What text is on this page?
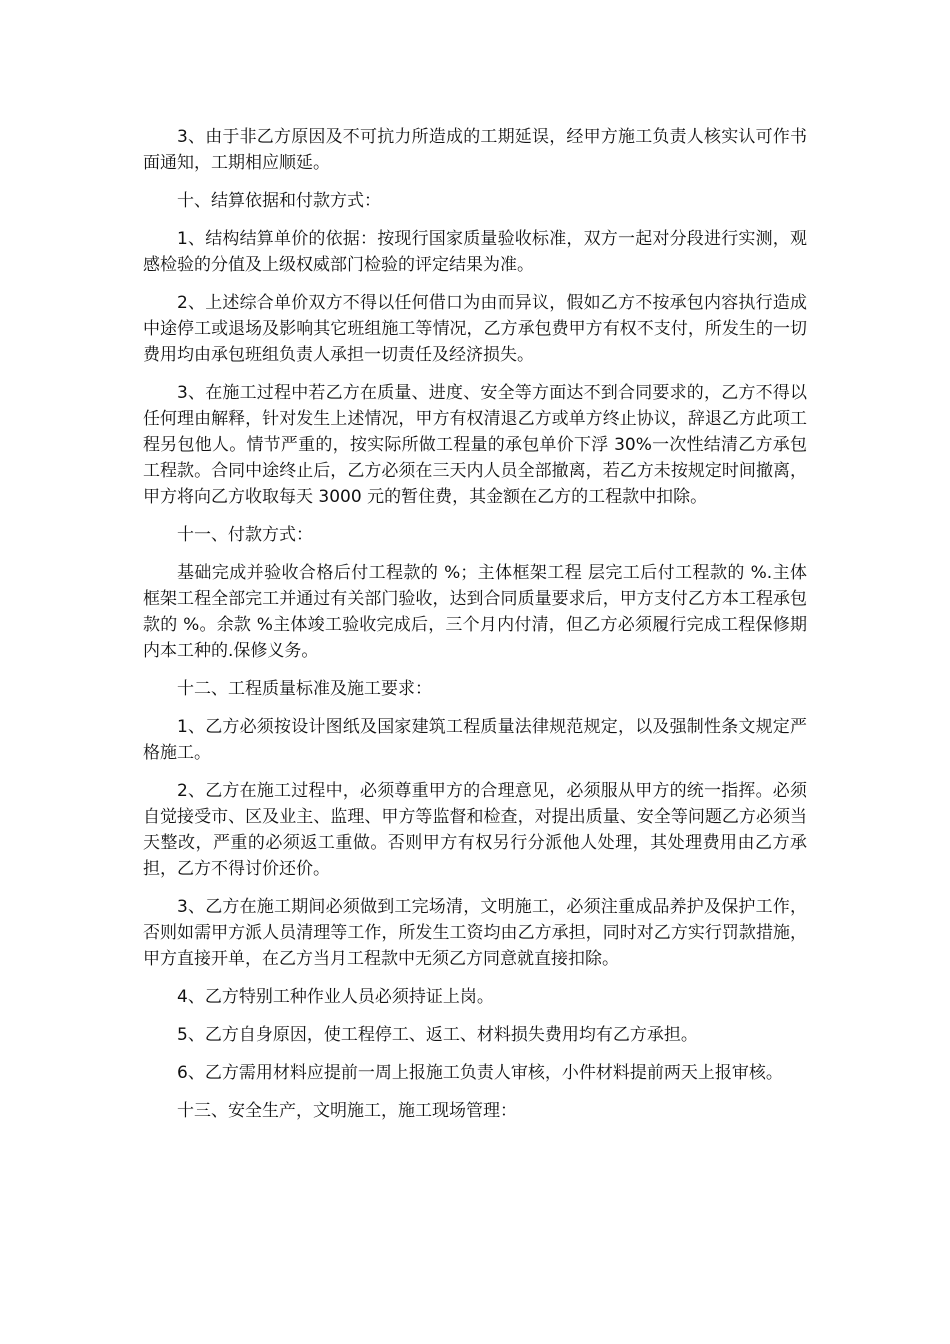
3、由于非乙方原因及不可抗力所造成的工期延误，经甲方施工负责人核实认可作书面通知，工期相应顺延。

十、结算依据和付款方式：

1、结构结算单价的依据：按现行国家质量验收标准，双方一起对分段进行实测，观感检验的分值及上级权威部门检验的评定结果为准。

2、上述综合单价双方不得以任何借口为由而异议，假如乙方不按承包内容执行造成中途停工或退场及影响其它班组施工等情况，乙方承包费甲方有权不支付，所发生的一切费用均由承包班组负责人承担一切责任及经济损失。

3、在施工过程中若乙方在质量、进度、安全等方面达不到合同要求的，乙方不得以任何理由解释，针对发生上述情况，甲方有权清退乙方或单方终止协议，辞退乙方此项工程另包他人。情节严重的，按实际所做工程量的承包单价下浮 30%一次性结清乙方承包工程款。合同中途终止后，乙方必须在三天内人员全部撤离，若乙方未按规定时间撤离，甲方将向乙方收取每天 3000 元的暂住费，其金额在乙方的工程款中扣除。

十一、付款方式：

基础完成并验收合格后付工程款的 %；主体框架工程 层完工后付工程款的 %.主体框架工程全部完工并通过有关部门验收，达到合同质量要求后，甲方支付乙方本工程承包款的 %。余款 %主体竣工验收完成后，三个月内付清，但乙方必须履行完成工程保修期内本工种的.保修义务。

十二、工程质量标准及施工要求：

1、乙方必须按设计图纸及国家建筑工程质量法律规范规定，以及强制性条文规定严格施工。

2、乙方在施工过程中，必须尊重甲方的合理意见，必须服从甲方的统一指挥。必须自觉接受市、区及业主、监理、甲方等监督和检查，对提出质量、安全等问题乙方必须当天整改，严重的必须返工重做。否则甲方有权另行分派他人处理，其处理费用由乙方承担，乙方不得讨价还价。

3、乙方在施工期间必须做到工完场清，文明施工，必须注重成品养护及保护工作，否则如需甲方派人员清理等工作，所发生工资均由乙方承担，同时对乙方实行罚款措施，甲方直接开单，在乙方当月工程款中无须乙方同意就直接扣除。

4、乙方特别工种作业人员必须持证上岗。

5、乙方自身原因，使工程停工、返工、材料损失费用均有乙方承担。

6、乙方需用材料应提前一周上报施工负责人审核，小件材料提前两天上报审核。

十三、安全生产，文明施工，施工现场管理：
